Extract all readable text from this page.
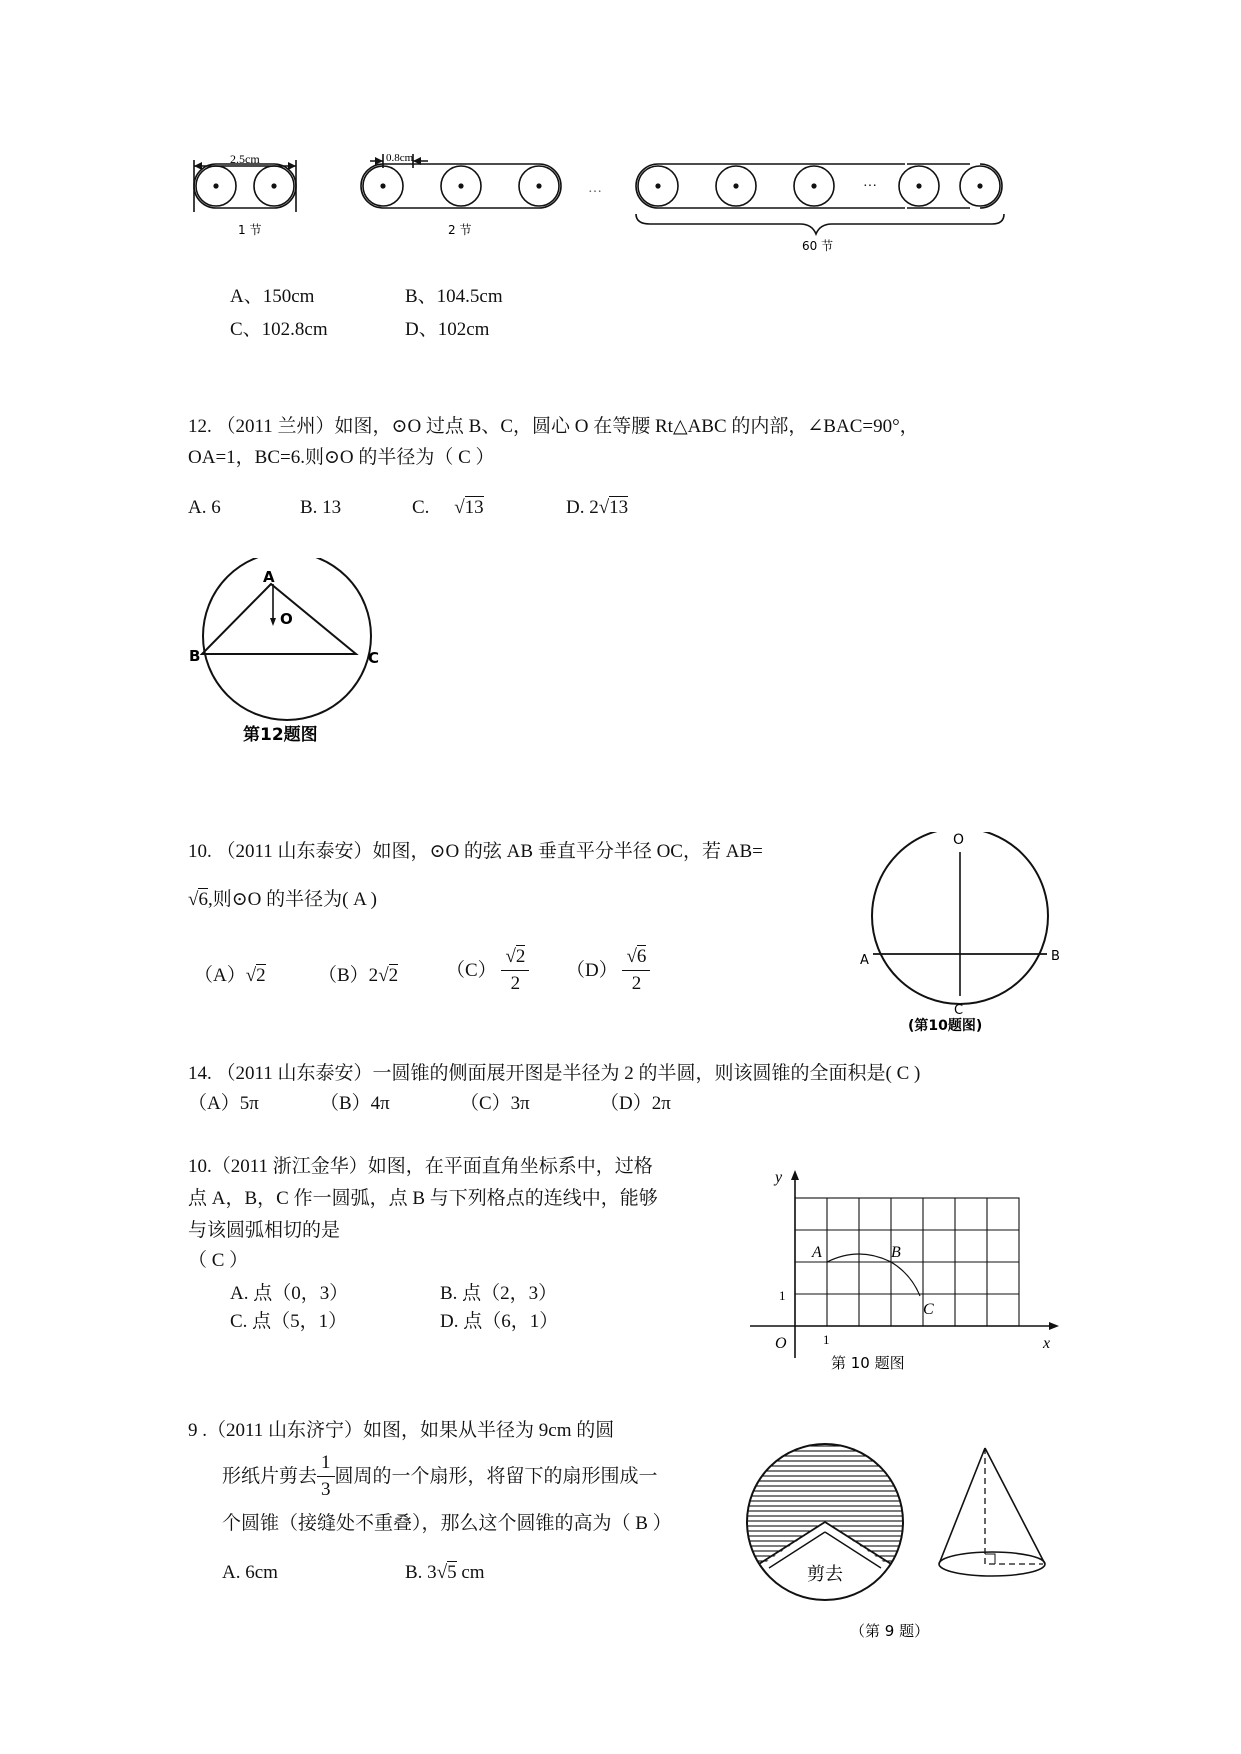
2.5cm	0.8cm
1 节	2 节
…	···
60 节
A、150cm	B、104.5cm
C、102.8cm	D、102cm
12. （2011 兰州）如图，⊙O 过点 B、C，圆心 O 在等腰 Rt△ABC 的内部，∠BAC=90°，
OA=1，BC=6.则⊙O 的半径为（ C ）
A. 6	B. 13	C. √13	D. 2√13
A
O
B	C
第12题图
10. （2011 山东泰安）如图，⊙O 的弦 AB 垂直平分半径 OC，若 AB=
√6,则⊙O 的半径为( A )
（A）√2	（B）2√2	$(C) \frac{√2}{2} (D) \frac{√6}{2}$
O
A	B
C
(第10题图)
14. （2011 山东泰安）一圆锥的侧面展开图是半径为 2 的半圆，则该圆锥的全面积是( C )
（A）5π	（B）4π	（C）3π	（D）2π
10.（2011 浙江金华）如图，在平面直角坐标系中，过格
点 A，B，C 作一圆弧，点 B 与下列格点的连线中，能够
与该圆弧相切的是
（ C ）
A. 点（0，3）	B. 点（2，3）
C. 点（5，1）	D. 点（6，1）
y
x
O	1
1
A	B
C
第 10 题图
9 .（2011 山东济宁）如图，如果从半径为 9cm 的圆
形纸片剪去 $\frac{1}{3}$ 圆周的一个扇形，将留下的扇形围成一
个圆锥（接缝处不重叠），那么这个圆锥的高为（ B ）
A. 6cm	B. 3√5 cm	剪去
（第 9 题）
